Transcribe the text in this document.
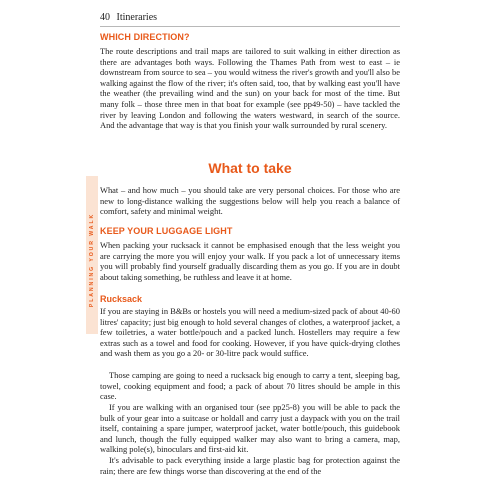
40 Itineraries
WHICH DIRECTION?

The route descriptions and trail maps are tailored to suit walking in either direction as there are advantages both ways. Following the Thames Path from west to east – ie downstream from source to sea – you would witness the river's growth and you'll also be walking against the flow of the river; it's often said, too, that by walking east you'll have the weather (the prevailing wind and the sun) on your back for most of the time. But many folk – those three men in that boat for example (see pp49-50) – have tackled the river by leaving London and following the waters westward, in search of the source. And the advantage that way is that you finish your walk surrounded by rural scenery.

What to take
PLANNING YOUR WALK

What – and how much – you should take are very personal choices. For those who are new to long-distance walking the suggestions below will help you reach a balance of comfort, safety and minimal weight.

KEEP YOUR LUGGAGE LIGHT

When packing your rucksack it cannot be emphasised enough that the less weight you are carrying the more you will enjoy your walk. If you pack a lot of unnecessary items you will probably find yourself gradually discarding them as you go. If you are in doubt about taking something, be ruthless and leave it at home.

Rucksack

If you are staying in B&Bs or hostels you will need a medium-sized pack of about 40-60 litres' capacity; just big enough to hold several changes of clothes, a waterproof jacket, a few toiletries, a water bottle/pouch and a packed lunch. Hostellers may require a few extras such as a towel and food for cooking. However, if you have quick-drying clothes and wash them as you go a 20- or 30-litre pack would suffice.

Those camping are going to need a rucksack big enough to carry a tent, sleeping bag, towel, cooking equipment and food; a pack of about 70 litres should be ample in this case.

If you are walking with an organised tour (see pp25-8) you will be able to pack the bulk of your gear into a suitcase or holdall and carry just a daypack with you on the trail itself, containing a spare jumper, waterproof jacket, water bottle/pouch, this guidebook and lunch, though the fully equipped walker may also want to bring a camera, map, walking pole(s), binoculars and first-aid kit.

It's advisable to pack everything inside a large plastic bag for protection against the rain; there are few things worse than discovering at the end of the
